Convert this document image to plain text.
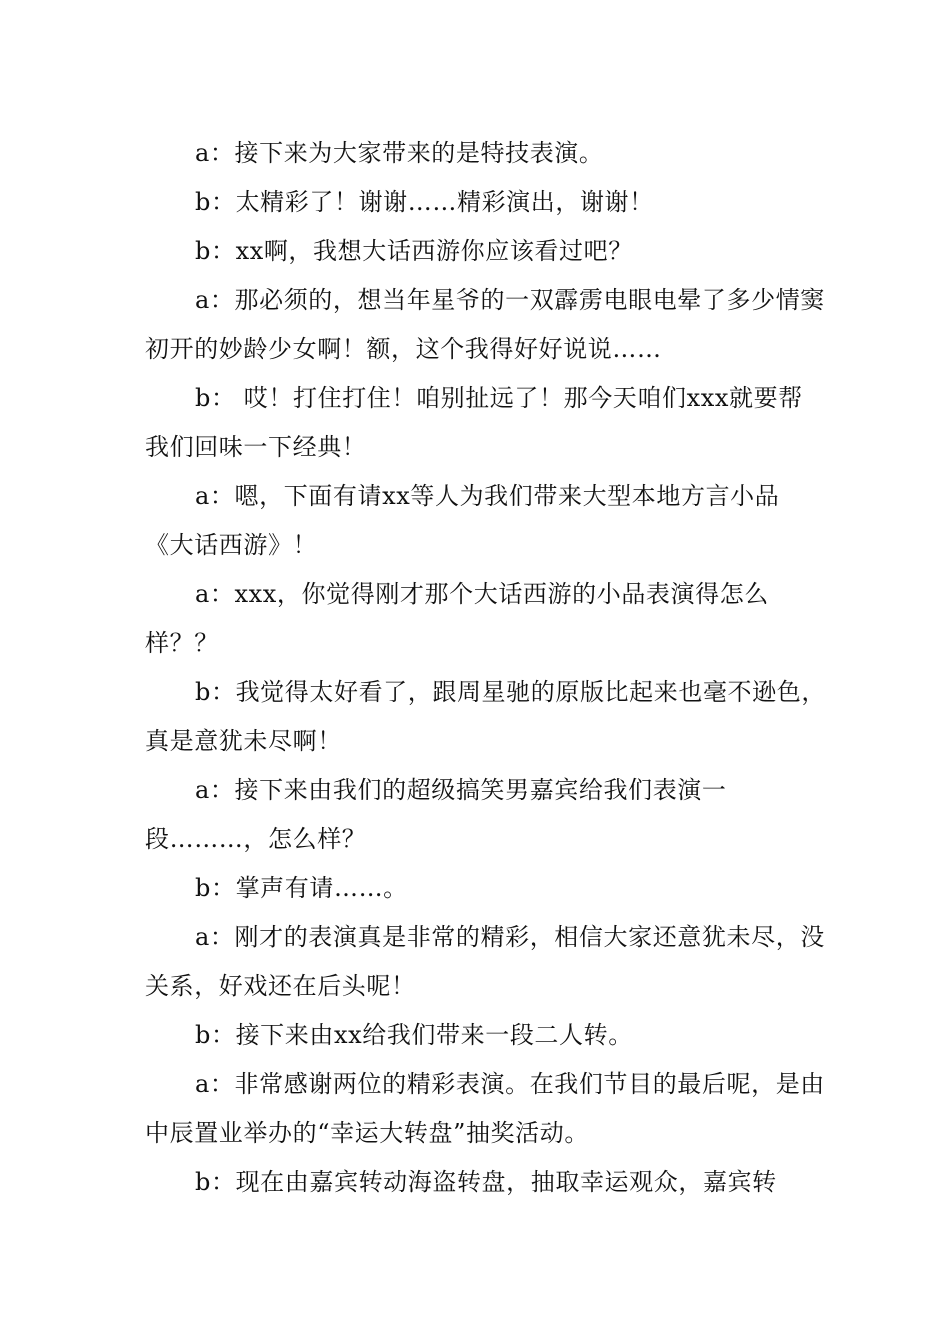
a：接下来为大家带来的是特技表演。

b：太精彩了！谢谢……精彩演出，谢谢！

b：xx啊，我想大话西游你应该看过吧？

a：那必须的，想当年星爷的一双霹雳电眼电晕了多少情窦初开的妙龄少女啊！额，这个我得好好说说……

b： 哎！打住打住！咱别扯远了！那今天咱们xxx就要帮我们回味一下经典！

a：嗯，下面有请xx等人为我们带来大型本地方言小品《大话西游》！

a：xxx，你觉得刚才那个大话西游的小品表演得怎么样？？

b：我觉得太好看了，跟周星驰的原版比起来也毫不逊色，真是意犹未尽啊！

a：接下来由我们的超级搞笑男嘉宾给我们表演一段………，怎么样？

b：掌声有请……。

a：刚才的表演真是非常的精彩，相信大家还意犹未尽，没关系，好戏还在后头呢！

b：接下来由xx给我们带来一段二人转。

a：非常感谢两位的精彩表演。在我们节目的最后呢，是由中辰置业举办的“幸运大转盘”抽奖活动。

b：现在由嘉宾转动海盗转盘，抽取幸运观众，嘉宾转
